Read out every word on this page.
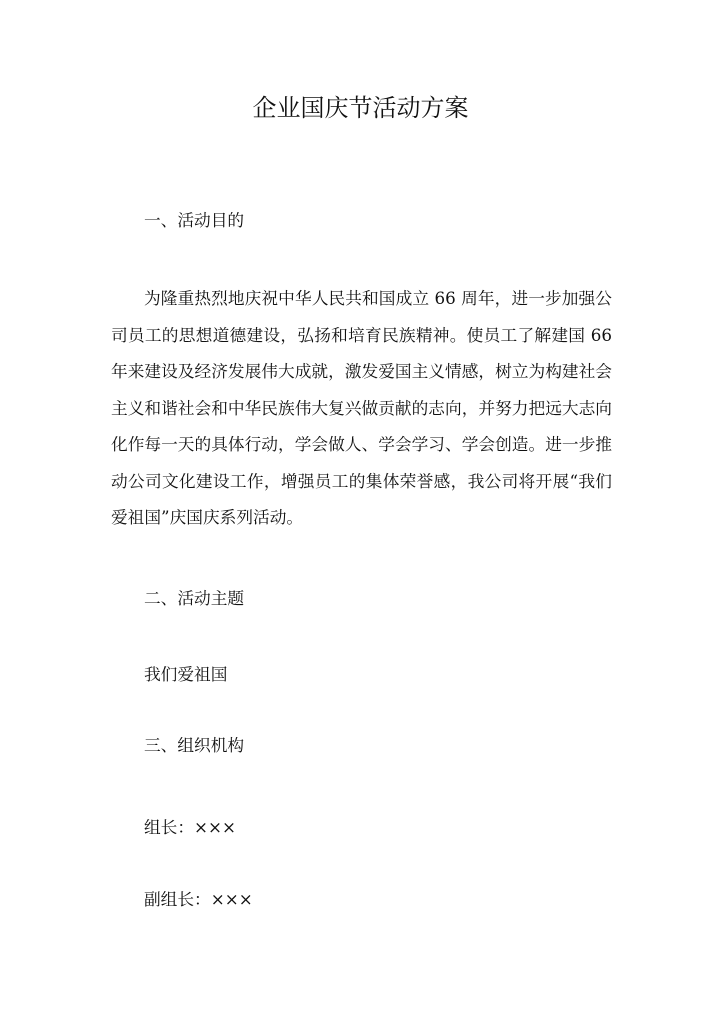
企业国庆节活动方案
一、活动目的
为隆重热烈地庆祝中华人民共和国成立 66 周年，进一步加强公
司员工的思想道德建设，弘扬和培育民族精神。使员工了解建国 66
年来建设及经济发展伟大成就，激发爱国主义情感，树立为构建社会
主义和谐社会和中华民族伟大复兴做贡献的志向，并努力把远大志向
化作每一天的具体行动，学会做人、学会学习、学会创造。进一步推
动公司文化建设工作，增强员工的集体荣誉感，我公司将开展“我们
爱祖国”庆国庆系列活动。
二、活动主题
我们爱祖国
三、组织机构
组长：×××
副组长：×××
